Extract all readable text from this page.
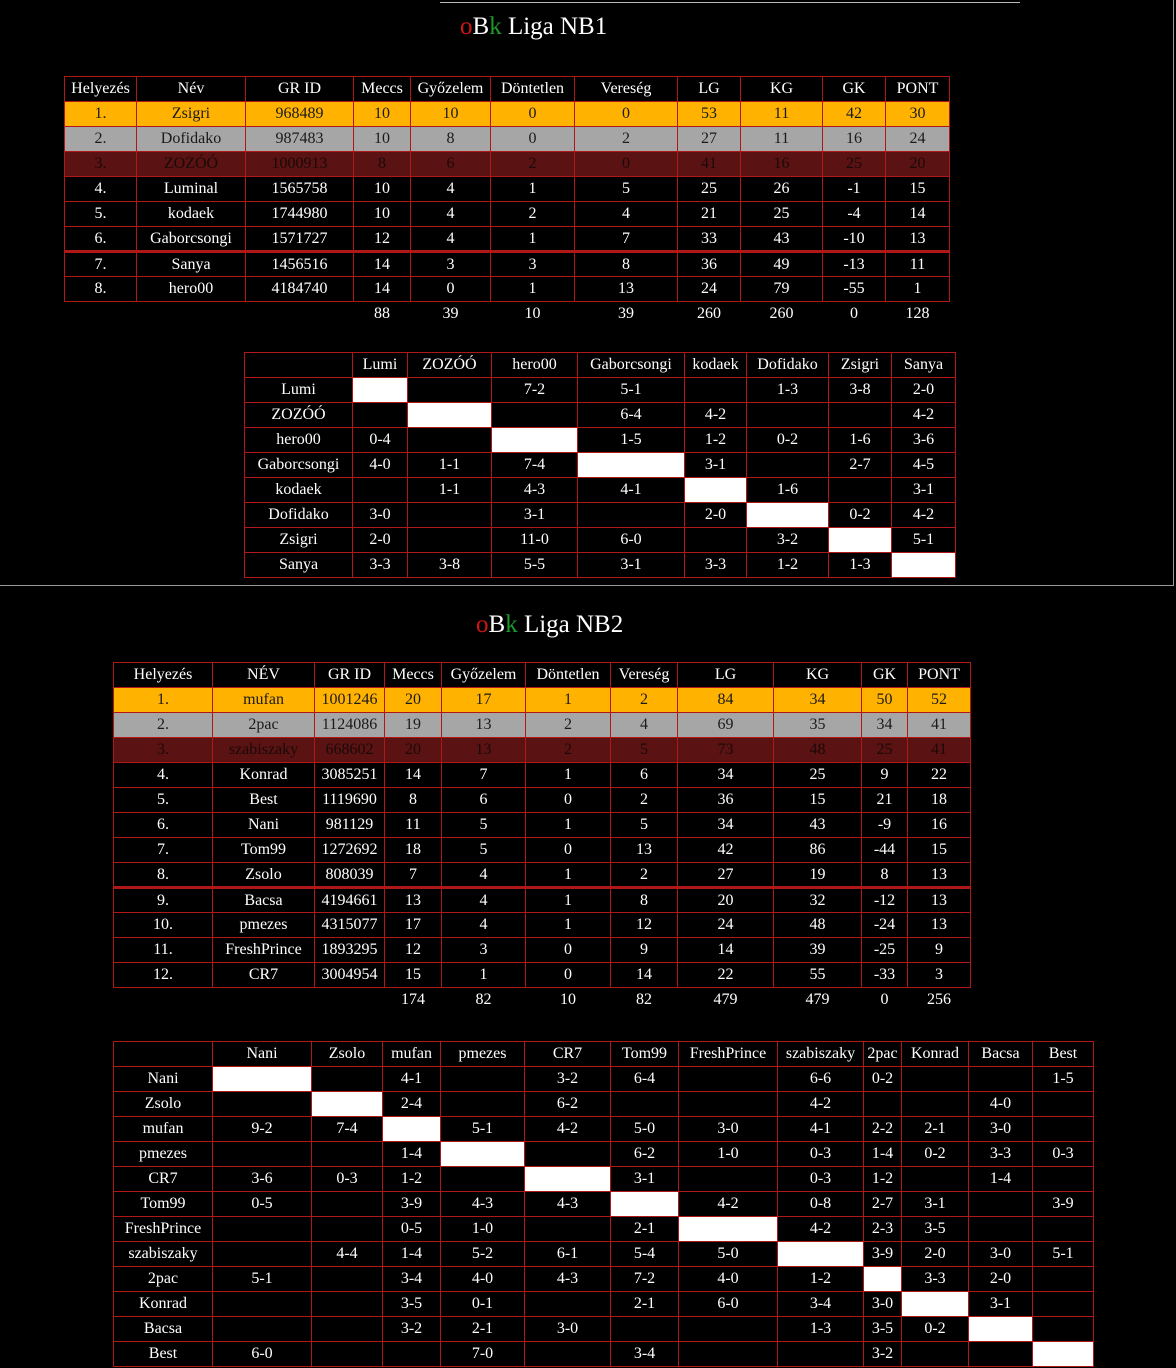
oBk Liga NB1
Helyezés	Név	GR ID	Meccs	Győzelem	Döntetlen	Vereség	LG	KG	GK	PONT
1.	Zsigri	968489	10	10	0	0	53	11	42	30
2.	Dofidako	987483	10	8	0	2	27	11	16	24
3.	ZOZÓÓ	1000913	8	6	2	0	41	16	25	20
4.	Luminal	1565758	10	4	1	5	25	26	-1	15
5.	kodaek	1744980	10	4	2	4	21	25	-4	14
6.	Gaborcsongi	1571727	12	4	1	7	33	43	-10	13
7.	Sanya	1456516	14	3	3	8	36	49	-13	11
8.	hero00	4184740	14	0	1	13	24	79	-55	1
			88	39	10	39	260	260	0	128
	Lumi	ZOZÓÓ	hero00	Gaborcsongi	kodaek	Dofidako	Zsigri	Sanya
Lumi			7-2	5-1		1-3	3-8	2-0
ZOZÓÓ				6-4	4-2			4-2
hero00	0-4			1-5	1-2	0-2	1-6	3-6
Gaborcsongi	4-0	1-1	7-4		3-1		2-7	4-5
kodaek		1-1	4-3	4-1		1-6		3-1
Dofidako	3-0		3-1		2-0		0-2	4-2
Zsigri	2-0		11-0	6-0		3-2		5-1
Sanya	3-3	3-8	5-5	3-1	3-3	1-2	1-3	
oBk Liga NB2
Helyezés	NÉV	GR ID	Meccs	Győzelem	Döntetlen	Vereség	LG	KG	GK	PONT
1.	mufan	1001246	20	17	1	2	84	34	50	52
2.	2pac	1124086	19	13	2	4	69	35	34	41
3.	szabiszaky	668602	20	13	2	5	73	48	25	41
4.	Konrad	3085251	14	7	1	6	34	25	9	22
5.	Best	1119690	8	6	0	2	36	15	21	18
6.	Nani	981129	11	5	1	5	34	43	-9	16
7.	Tom99	1272692	18	5	0	13	42	86	-44	15
8.	Zsolo	808039	7	4	1	2	27	19	8	13
9.	Bacsa	4194661	13	4	1	8	20	32	-12	13
10.	pmezes	4315077	17	4	1	12	24	48	-24	13
11.	FreshPrince	1893295	12	3	0	9	14	39	-25	9
12.	CR7	3004954	15	1	0	14	22	55	-33	3
			174	82	10	82	479	479	0	256
	Nani	Zsolo	mufan	pmezes	CR7	Tom99	FreshPrince	szabiszaky	2pac	Konrad	Bacsa	Best
Nani			4-1		3-2	6-4		6-6	0-2			1-5
Zsolo			2-4		6-2			4-2			4-0	
mufan	9-2	7-4		5-1	4-2	5-0	3-0	4-1	2-2	2-1	3-0	
pmezes			1-4			6-2	1-0	0-3	1-4	0-2	3-3	0-3
CR7	3-6	0-3	1-2			3-1		0-3	1-2		1-4	
Tom99	0-5		3-9	4-3	4-3		4-2	0-8	2-7	3-1		3-9
FreshPrince			0-5	1-0		2-1		4-2	2-3	3-5		
szabiszaky		4-4	1-4	5-2	6-1	5-4	5-0		3-9	2-0	3-0	5-1
2pac	5-1		3-4	4-0	4-3	7-2	4-0	1-2		3-3	2-0	
Konrad			3-5	0-1		2-1	6-0	3-4	3-0		3-1	
Bacsa			3-2	2-1	3-0			1-3	3-5	0-2		
Best	6-0			7-0		3-4			3-2			
